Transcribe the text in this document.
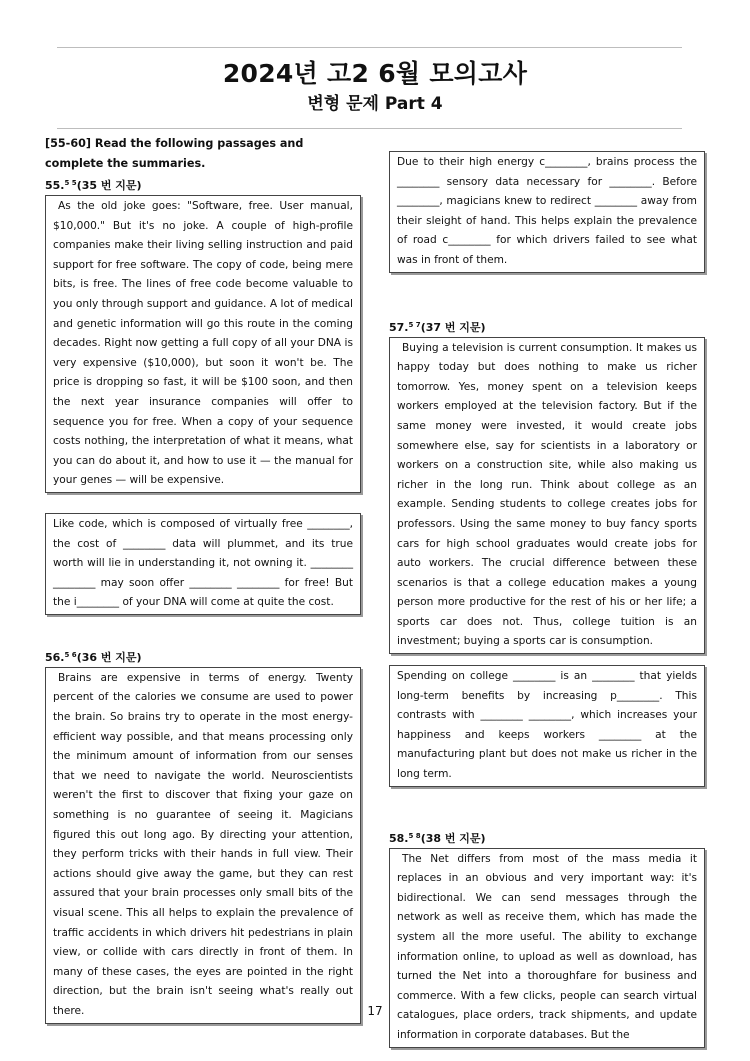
2024년 고2 6월 모의고사
변형 문제 Part 4
[55-60] Read the following passages and complete the summaries.
55.$^{5 5}$(35 번 지문)
As the old joke goes: "Software, free. User manual, $10,000." But it's no joke. A couple of high-profile companies make their living selling instruction and paid support for free software. The copy of code, being mere bits, is free. The lines of free code become valuable to you only through support and guidance. A lot of medical and genetic information will go this route in the coming decades. Right now getting a full copy of all your DNA is very expensive ($10,000), but soon it won't be. The price is dropping so fast, it will be $100 soon, and then the next year insurance companies will offer to sequence you for free. When a copy of your sequence costs nothing, the interpretation of what it means, what you can do about it, and how to use it — the manual for your genes — will be expensive.
Like code, which is composed of virtually free ________, the cost of ________ data will plummet, and its true worth will lie in understanding it, not owning it. ________ ________ may soon offer ________ ________ for free! But the i________ of your DNA will come at quite the cost.
56.$^{5 6}$(36 번 지문)
Brains are expensive in terms of energy. Twenty percent of the calories we consume are used to power the brain. So brains try to operate in the most energy-efficient way possible, and that means processing only the minimum amount of information from our senses that we need to navigate the world. Neuroscientists weren't the first to discover that fixing your gaze on something is no guarantee of seeing it. Magicians figured this out long ago. By directing your attention, they perform tricks with their hands in full view. Their actions should give away the game, but they can rest assured that your brain processes only small bits of the visual scene. This all helps to explain the prevalence of traffic accidents in which drivers hit pedestrians in plain view, or collide with cars directly in front of them. In many of these cases, the eyes are pointed in the right direction, but the brain isn't seeing what's really out there.
Due to their high energy c________, brains process the ________ sensory data necessary for ________. Before ________, magicians knew to redirect ________ away from their sleight of hand. This helps explain the prevalence of road c________ for which drivers failed to see what was in front of them.
57.$^{5 7}$(37 번 지문)
Buying a television is current consumption. It makes us happy today but does nothing to make us richer tomorrow. Yes, money spent on a television keeps workers employed at the television factory. But if the same money were invested, it would create jobs somewhere else, say for scientists in a laboratory or workers on a construction site, while also making us richer in the long run. Think about college as an example. Sending students to college creates jobs for professors. Using the same money to buy fancy sports cars for high school graduates would create jobs for auto workers. The crucial difference between these scenarios is that a college education makes a young person more productive for the rest of his or her life; a sports car does not. Thus, college tuition is an investment; buying a sports car is consumption.
Spending on college ________ is an ________ that yields long-term benefits by increasing p________. This contrasts with ________ ________, which increases your happiness and keeps workers ________ at the manufacturing plant but does not make us richer in the long term.
58.$^{5 8}$(38 번 지문)
The Net differs from most of the mass media it replaces in an obvious and very important way: it's bidirectional. We can send messages through the network as well as receive them, which has made the system all the more useful. The ability to exchange information online, to upload as well as download, has turned the Net into a thoroughfare for business and commerce. With a few clicks, people can search virtual catalogues, place orders, track shipments, and update information in corporate databases. But the
17
